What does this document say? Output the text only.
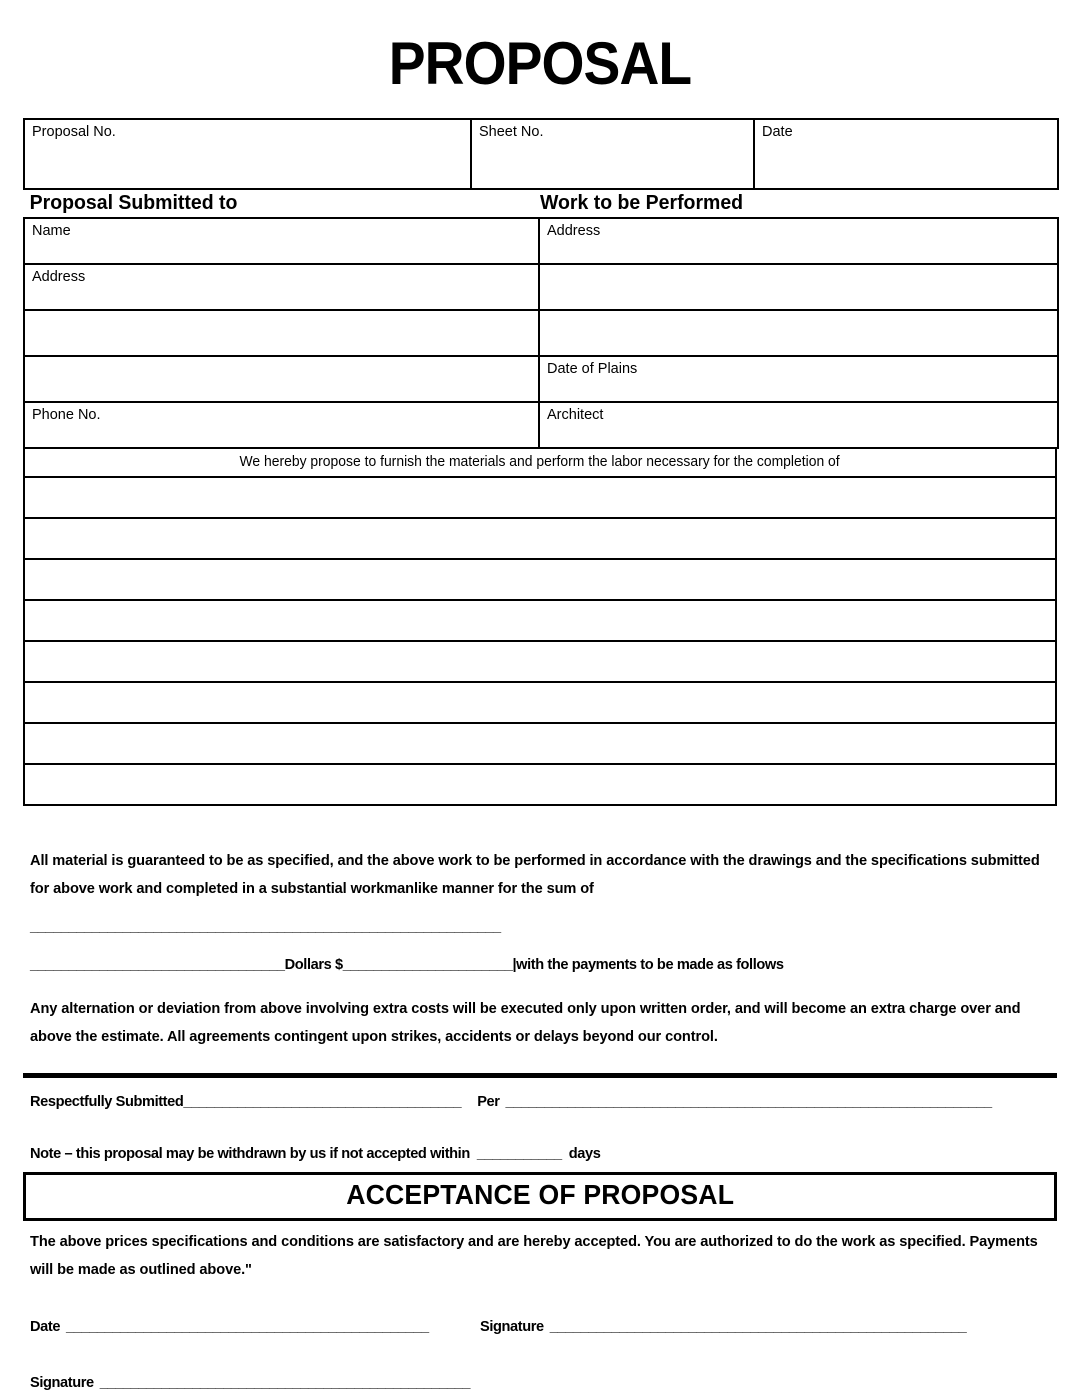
PROPOSAL
Proposal No.	Sheet No.	Date
Proposal Submitted to	Work to be Performed
Name	Address
Address	

	Date of Plains
Phone No.	Architect
We hereby propose to furnish the materials and perform the labor necessary for the completion of

All material is guaranteed to be as specified, and the above work to be performed in accordance with the drawings and the specifications submitted for above work and completed in a substantial workmanlike manner for the sum of

_____________________________________________________________
_________________________________Dollars $______________________|with the payments to be made as follows

Any alternation or deviation from above involving extra costs will be executed only upon written order, and will become an extra charge over and above the estimate. All agreements contingent upon strikes, accidents or delays beyond our control.

Respectfully Submitted____________________________________ Per _______________________________________________________________
Note – this proposal may be withdrawn by us if not accepted within ___________ days
ACCEPTANCE OF PROPOSAL

The above prices specifications and conditions are satisfactory and are hereby accepted. You are authorized to do the work as specified. Payments will be made as outlined above."

Date _______________________________________________	Signature ______________________________________________________
Signature ________________________________________________
